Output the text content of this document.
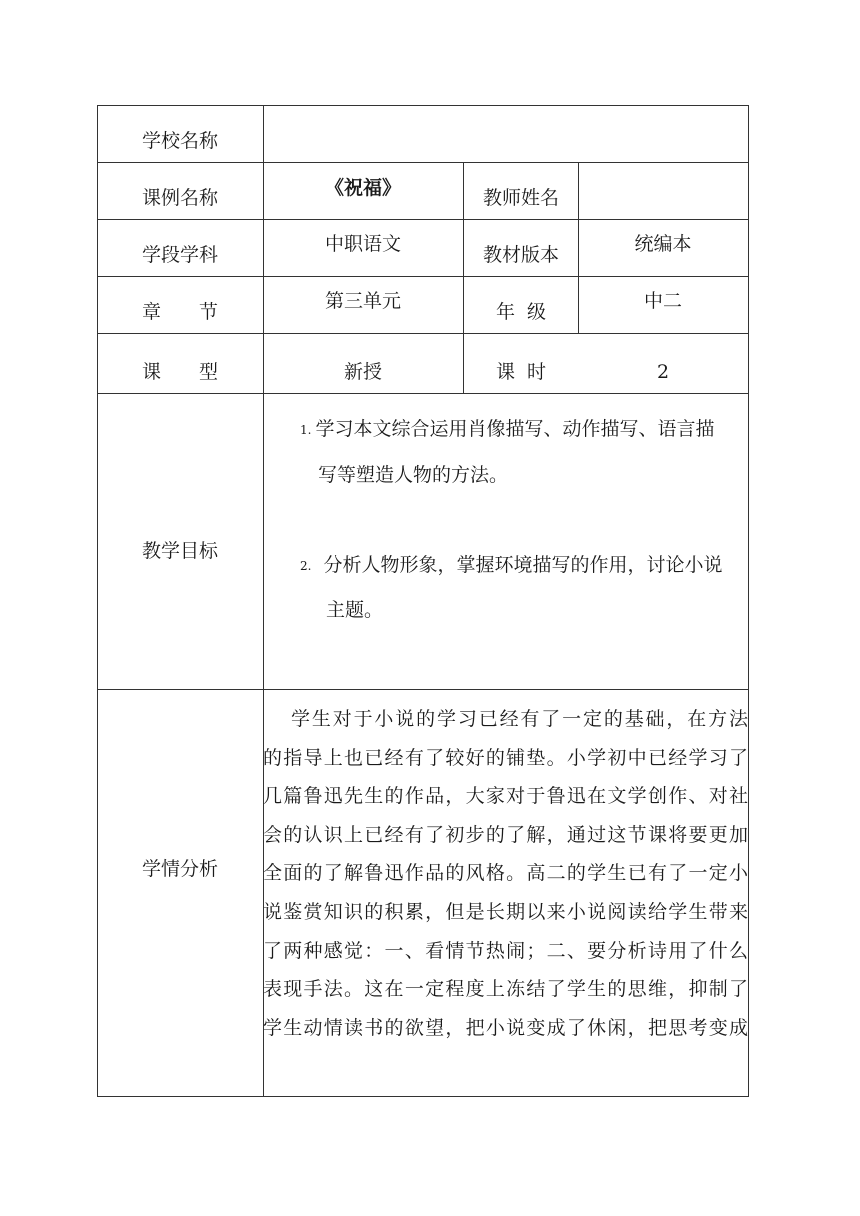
学校名称
课例名称	《祝福》	教师姓名
学段学科	中职语文	教材版本	统编本
章　　节	第三单元	年  级	中二
课　　型	新授	课  时	2
教学目标
1. 学习本文综合运用肖像描写、动作描写、语言描
写等塑造人物的方法。
2. 分析人物形象，掌握环境描写的作用，讨论小说
主题。
学情分析
学生对于小说的学习已经有了一定的基础，在方法
的指导上也已经有了较好的铺垫。小学初中已经学习了
几篇鲁迅先生的作品，大家对于鲁迅在文学创作、对社
会的认识上已经有了初步的了解，通过这节课将要更加
全面的了解鲁迅作品的风格。高二的学生已有了一定小
说鉴赏知识的积累，但是长期以来小说阅读给学生带来
了两种感觉：一、看情节热闹；二、要分析诗用了什么
表现手法。这在一定程度上冻结了学生的思维，抑制了
学生动情读书的欲望，把小说变成了休闲，把思考变成
